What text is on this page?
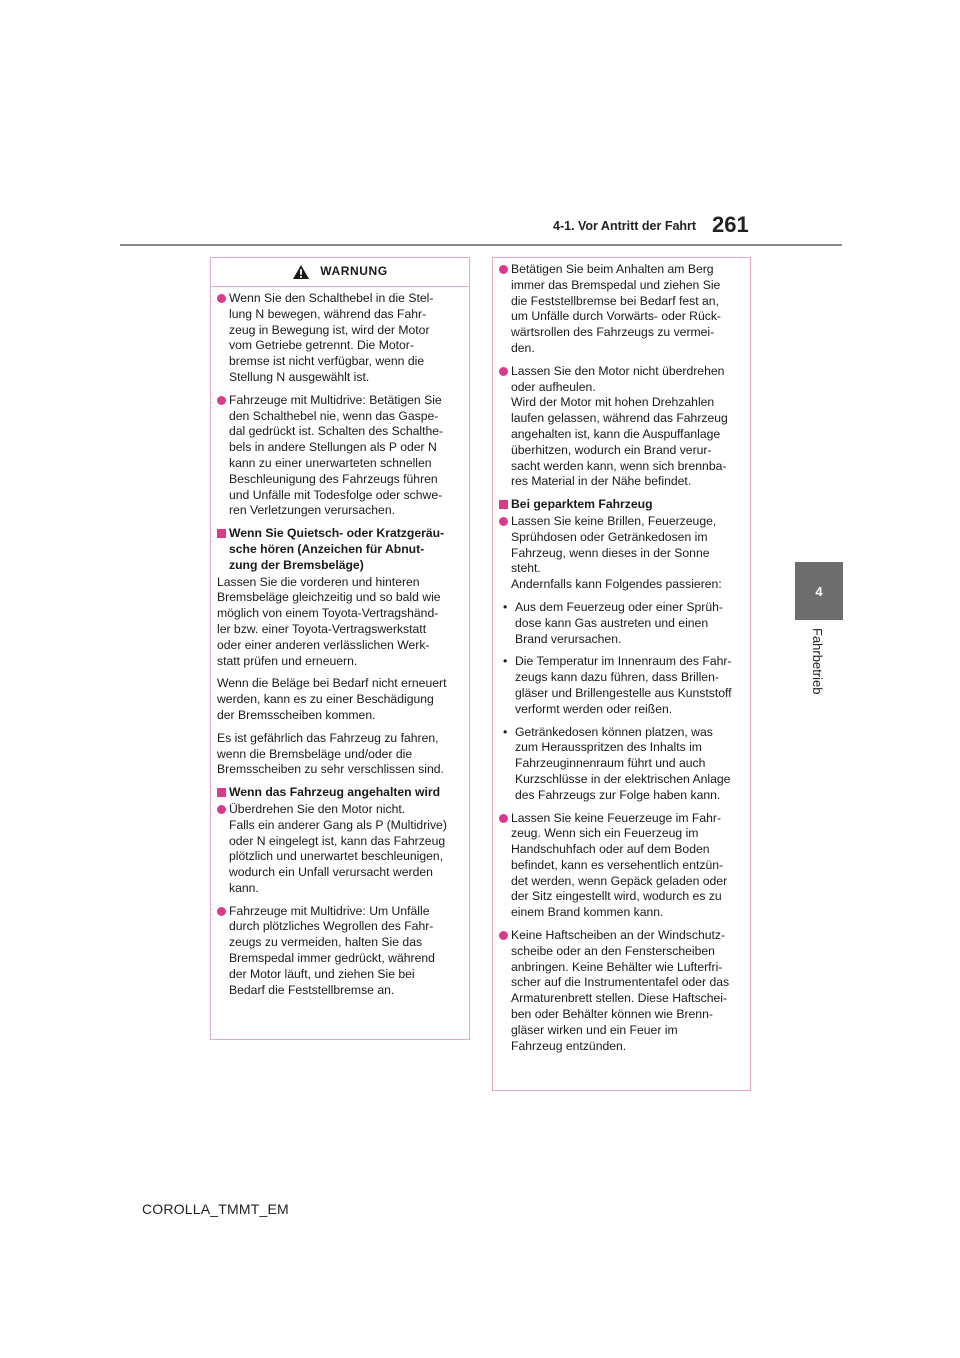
4-1. Vor Antritt der Fahrt 261
4
Fahrbetrieb
WARNUNG
Wenn Sie den Schalthebel in die Stel-
lung N bewegen, während das Fahr-
zeug in Bewegung ist, wird der Motor
vom Getriebe getrennt. Die Motor-
bremse ist nicht verfügbar, wenn die
Stellung N ausgewählt ist.
Fahrzeuge mit Multidrive: Betätigen Sie
den Schalthebel nie, wenn das Gaspe-
dal gedrückt ist. Schalten des Schalthe-
bels in andere Stellungen als P oder N
kann zu einer unerwarteten schnellen
Beschleunigung des Fahrzeugs führen
und Unfälle mit Todesfolge oder schwe-
ren Verletzungen verursachen.
Wenn Sie Quietsch- oder Kratzgeräu-
sche hören (Anzeichen für Abnut-
zung der Bremsbeläge)
Lassen Sie die vorderen und hinteren
Bremsbeläge gleichzeitig und so bald wie
möglich von einem Toyota-Vertragshänd-
ler bzw. einer Toyota-Vertragswerkstatt
oder einer anderen verlässlichen Werk-
statt prüfen und erneuern.
Wenn die Beläge bei Bedarf nicht erneuert
werden, kann es zu einer Beschädigung
der Bremsscheiben kommen.
Es ist gefährlich das Fahrzeug zu fahren,
wenn die Bremsbeläge und/oder die
Bremsscheiben zu sehr verschlissen sind.
Wenn das Fahrzeug angehalten wird
Überdrehen Sie den Motor nicht.
Falls ein anderer Gang als P (Multidrive)
oder N eingelegt ist, kann das Fahrzeug
plötzlich und unerwartet beschleunigen,
wodurch ein Unfall verursacht werden
kann.
Fahrzeuge mit Multidrive: Um Unfälle
durch plötzliches Wegrollen des Fahr-
zeugs zu vermeiden, halten Sie das
Bremspedal immer gedrückt, während
der Motor läuft, und ziehen Sie bei
Bedarf die Feststellbremse an.
Betätigen Sie beim Anhalten am Berg
immer das Bremspedal und ziehen Sie
die Feststellbremse bei Bedarf fest an,
um Unfälle durch Vorwärts- oder Rück-
wärtsrollen des Fahrzeugs zu vermei-
den.
Lassen Sie den Motor nicht überdrehen
oder aufheulen.
Wird der Motor mit hohen Drehzahlen
laufen gelassen, während das Fahrzeug
angehalten ist, kann die Auspuffanlage
überhitzen, wodurch ein Brand verur-
sacht werden kann, wenn sich brennba-
res Material in der Nähe befindet.
Bei geparktem Fahrzeug
Lassen Sie keine Brillen, Feuerzeuge,
Sprühdosen oder Getränkedosen im
Fahrzeug, wenn dieses in der Sonne
steht.
Andernfalls kann Folgendes passieren:
• Aus dem Feuerzeug oder einer Sprüh-
dose kann Gas austreten und einen
Brand verursachen.
• Die Temperatur im Innenraum des Fahr-
zeugs kann dazu führen, dass Brillen-
gläser und Brillengestelle aus Kunststoff
verformt werden oder reißen.
• Getränkedosen können platzen, was
zum Herausspritzen des Inhalts im
Fahrzeuginnenraum führt und auch
Kurzschlüsse in der elektrischen Anlage
des Fahrzeugs zur Folge haben kann.
Lassen Sie keine Feuerzeuge im Fahr-
zeug. Wenn sich ein Feuerzeug im
Handschuhfach oder auf dem Boden
befindet, kann es versehentlich entzün-
det werden, wenn Gepäck geladen oder
der Sitz eingestellt wird, wodurch es zu
einem Brand kommen kann.
Keine Haftscheiben an der Windschutz-
scheibe oder an den Fensterscheiben
anbringen. Keine Behälter wie Lufterfri-
scher auf die Instrumententafel oder das
Armaturenbrett stellen. Diese Haftschei-
ben oder Behälter können wie Brenn-
gläser wirken und ein Feuer im
Fahrzeug entzünden.
COROLLA_TMMT_EM
